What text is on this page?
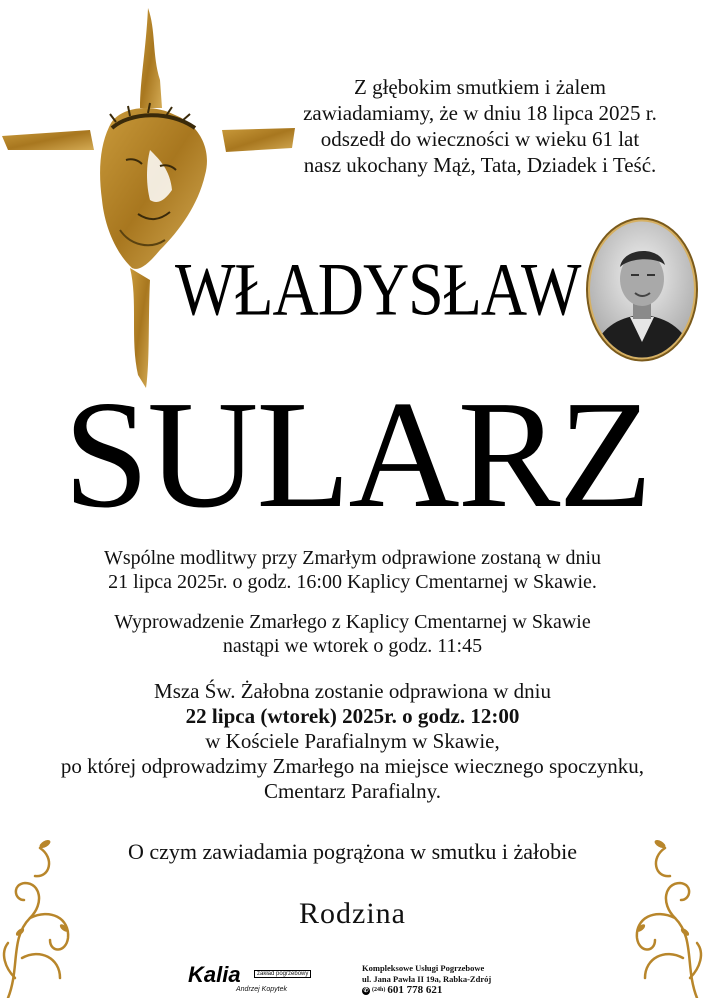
Z głębokim smutkiem i żalem
zawiadamiamy, że w dniu 18 lipca 2025 r.
odszedł do wieczności w wieku 61 lat
nasz ukochany Mąż, Tata, Dziadek i Teść.
WŁADYSŁAW
SULARZ
Wspólne modlitwy przy Zmarłym odprawione zostaną w dniu
21 lipca 2025r. o godz. 16:00 Kaplicy Cmentarnej w Skawie.
Wyprowadzenie Zmarłego z Kaplicy Cmentarnej w Skawie
nastąpi we wtorek o godz. 11:45
Msza Św. Żałobna zostanie odprawiona w dniu
22 lipca (wtorek) 2025r. o godz. 12:00
w Kościele Parafialnym w Skawie,
po której odprowadzimy Zmarłego na miejsce wiecznego spoczynku,
Cmentarz Parafialny.
O czym zawiadamia pogrążona w smutku i żałobie
Rodzina
Kalia	zakład pogrzebowy
Andrzej Kopytek
Kompleksowe Usługi Pogrzebowe
ul. Jana Pawła II 19a, Rabka-Zdrój
✆ (24h) 601 778 621
